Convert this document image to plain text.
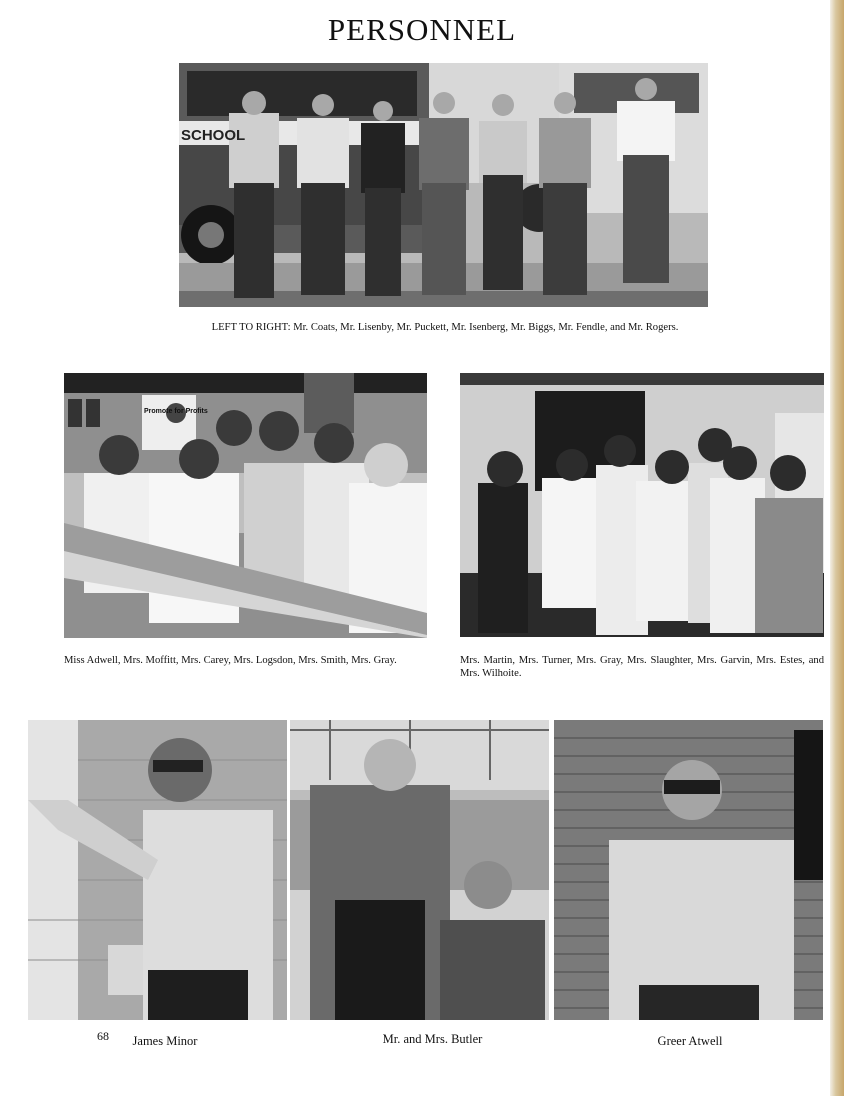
PERSONNEL
SCHOOL
LEFT TO RIGHT: Mr. Coats, Mr. Lisenby, Mr. Puckett, Mr. Isenberg, Mr. Biggs, Mr. Fendle, and Mr. Rogers.
Promote for Profits
Miss Adwell, Mrs. Moffitt, Mrs. Carey, Mrs. Logsdon, Mrs. Smith, Mrs. Gray.	Mrs. Martin, Mrs. Turner, Mrs. Gray, Mrs. Slaughter, Mrs. Garvin, Mrs. Estes, and Mrs. Wilhoite.
68	James Minor	Mr. and Mrs. Butler	Greer Atwell
